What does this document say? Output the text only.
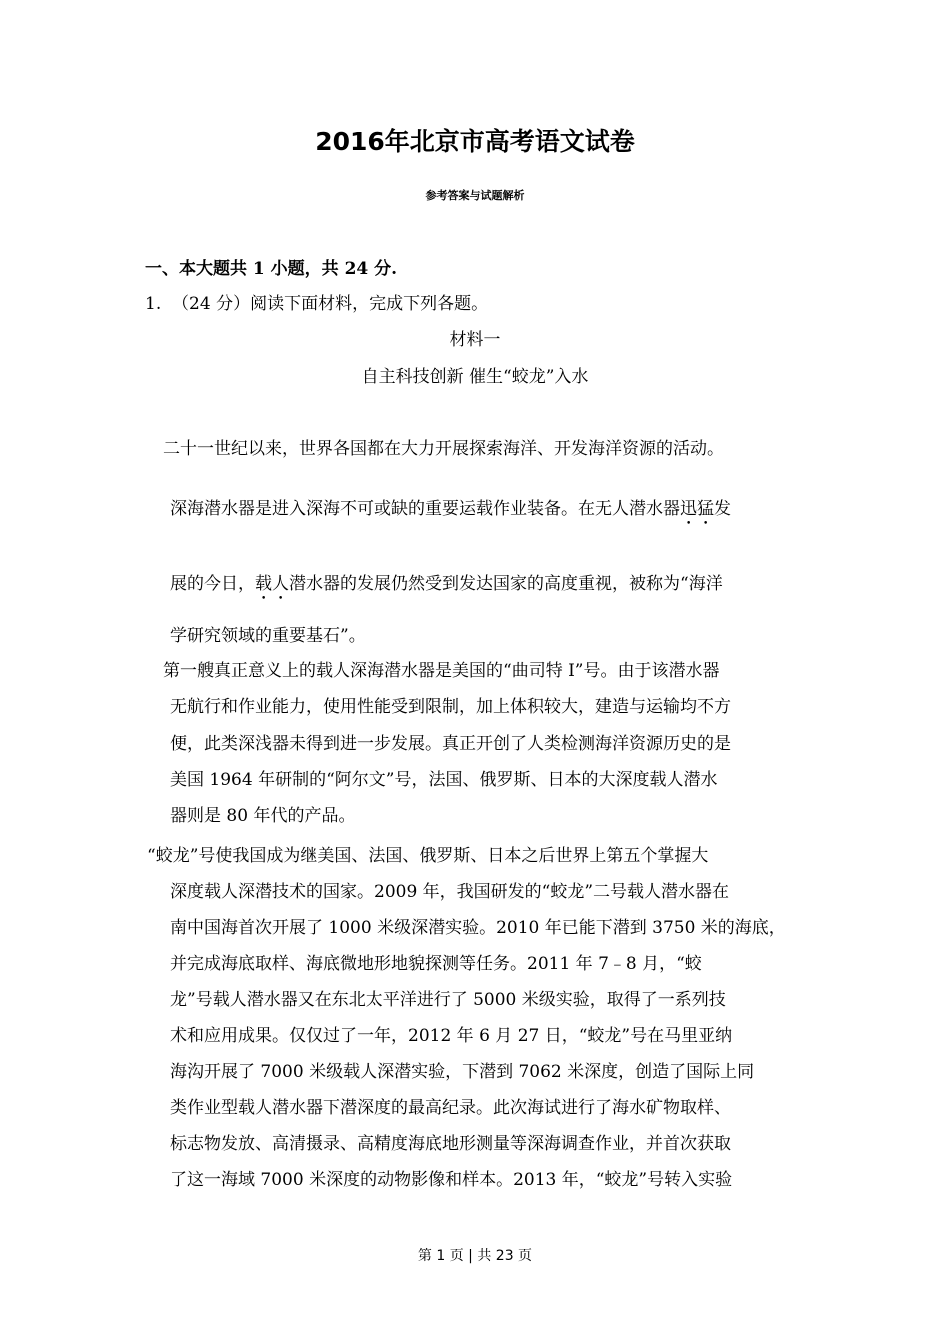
2016年北京市高考语文试卷
参考答案与试题解析
一、本大题共 1 小题，共 24 分.
1. （24 分）阅读下面材料，完成下列各题。
材料一
自主科技创新 催生“蛟龙”入水
二十一世纪以来，世界各国都在大力开展探索海洋、开发海洋资源的活动。
深海潜水器是进入深海不可或缺的重要运载作业装备。在无人潜水器迅猛发
展的今日，载人潜水器的发展仍然受到发达国家的高度重视，被称为“海洋
学研究领域的重要基石”。
第一艘真正意义上的载人深海潜水器是美国的“曲司特 Ⅰ”号。由于该潜水器
无航行和作业能力，使用性能受到限制，加上体积较大，建造与运输均不方
便，此类深浅器未得到进一步发展。真正开创了人类检测海洋资源历史的是
美国 1964 年研制的“阿尔文”号，法国、俄罗斯、日本的大深度载人潜水
器则是 80 年代的产品。
“蛟龙”号使我国成为继美国、法国、俄罗斯、日本之后世界上第五个掌握大
深度载人深潜技术的国家。2009 年，我国研发的“蛟龙”二号载人潜水器在
南中国海首次开展了 1000 米级深潜实验。2010 年已能下潜到 3750 米的海底，
并完成海底取样、海底微地形地貌探测等任务。2011 年 7﹣8 月，“蛟
龙”号载人潜水器又在东北太平洋进行了 5000 米级实验，取得了一系列技
术和应用成果。仅仅过了一年，2012 年 6 月 27 日，“蛟龙”号在马里亚纳
海沟开展了 7000 米级载人深潜实验，下潜到 7062 米深度，创造了国际上同
类作业型载人潜水器下潜深度的最高纪录。此次海试进行了海水矿物取样、
标志物发放、高清摄录、高精度海底地形测量等深海调查作业，并首次获取
了这一海域 7000 米深度的动物影像和样本。2013 年，“蛟龙”号转入实验
第 1 页 | 共 23 页
